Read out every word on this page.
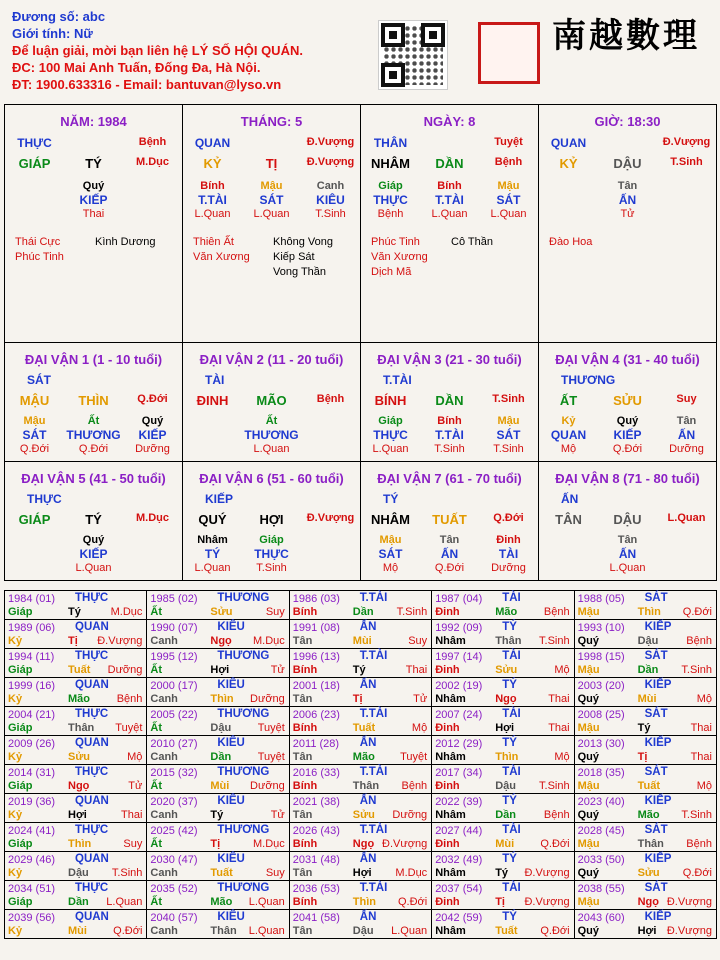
Đương số: abc
Giới tính: Nữ
Để luận giải, mời bạn liên hệ LÝ SỐ HỘI QUÁN.
ĐC: 100 Mai Anh Tuấn, Đống Đa, Hà Nội.
ĐT: 1900.633316 - Email: bantuvan@lyso.vn
南越數理
NĂM: 1984
THỰC	Bệnh
GIÁP	TÝ	M.Dục
Quý
KIẾP
Thai
Thái Cực
Phúc Tinh
Kình Dương
THÁNG: 5
QUAN	Đ.Vượng
KỶ	TỊ	Đ.Vượng
Bính
T.TÀI
L.Quan
Mậu
SÁT
L.Quan
Canh
KIÊU
T.Sinh
Thiên Ất
Văn Xương
Không Vong
Kiếp Sát
Vong Thần
NGÀY: 8
THÂN	Tuyệt
NHÂM	DẦN	Bệnh
Giáp
THỰC
Bệnh
Bính
T.TÀI
L.Quan
Mậu
SÁT
L.Quan
Phúc Tinh
Văn Xương
Dịch Mã
Cô Thần
GIỜ: 18:30
QUAN	Đ.Vượng
KỶ	DẬU	T.Sinh
Tân
ẤN
Tử
Đào Hoa
ĐẠI VẬN 1 (1 - 10 tuổi)
SÁT
MẬU	THÌN	Q.Đới
Mậu
SÁT
Q.Đới
Ất
THƯƠNG
Q.Đới
Quý
KIẾP
Dưỡng
ĐẠI VẬN 2 (11 - 20 tuổi)
TÀI
ĐINH	MÃO	Bệnh
Ất
THƯƠNG
L.Quan
ĐẠI VẬN 3 (21 - 30 tuổi)
T.TÀI
BÍNH	DẦN	T.Sinh
Giáp
THỰC
L.Quan
Bính
T.TÀI
T.Sinh
Mậu
SÁT
T.Sinh
ĐẠI VẬN 4 (31 - 40 tuổi)
THƯƠNG
ẤT	SỬU	Suy
Kỷ
QUAN
Mộ
Quý
KIẾP
Q.Đới
Tân
ẤN
Dưỡng
ĐẠI VẬN 5 (41 - 50 tuổi)
THỰC
GIÁP	TÝ	M.Dục
Quý
KIẾP
L.Quan
ĐẠI VẬN 6 (51 - 60 tuổi)
KIẾP
QUÝ	HỢI	Đ.Vượng
Nhâm
TÝ
L.Quan
Giáp
THỰC
T.Sinh
ĐẠI VẬN 7 (61 - 70 tuổi)
TÝ
NHÂM	TUẤT	Q.Đới
Mậu
SÁT
Mộ
Tân
ẤN
Q.Đới
Đinh
TÀI
Dưỡng
ĐẠI VẬN 8 (71 - 80 tuổi)
ẤN
TÂN	DẬU	L.Quan
Tân
ẤN
L.Quan
1984 (01) THỰC
Giáp	Tý	M.Dục
1985 (02) THƯƠNG
Ất	Sửu	Suy
1986 (03) T.TÀI
Bính	Dần T.Sinh
1987 (04) TÀI
Đinh	Mão Bệnh
1988 (05) SÁT
Mậu	Thìn Q.Đới
1989 (06) QUAN
Kỷ	Tị Đ.Vượng
1990 (07) KIÊU
Canh	Ngọ M.Dục
1991 (08) ẤN
Tân	Mùi	Suy
1992 (09) TÝ
Nhâm	Thân T.Sinh
1993 (10) KIẾP
Quý	Dậu	Bệnh
1994 (11) THỰC
Giáp	Tuất Dưỡng
1995 (12) THƯƠNG
Ất	Hợi	Tử
1996 (13) T.TÀI
Bính	Tý	Thai
1997 (14) TÀI
Đinh	Sửu	Mộ
1998 (15) SÁT
Mậu	Dần T.Sinh
1999 (16) QUAN
Kỷ	Mão Bệnh
2000 (17) KIÊU
Canh	Thìn Dưỡng
2001 (18) ẤN
Tân	Tị	Tử
2002 (19) TÝ
Nhâm	Ngọ	Thai
2003 (20) KIẾP
Quý	Mùi	Mộ
2004 (21) THỰC
Giáp	Thân Tuyệt
2005 (22) THƯƠNG
Ất	Dậu Tuyệt
2006 (23) T.TÀI
Bính	Tuất	Mộ
2007 (24) TÀI
Đinh	Hợi	Thai
2008 (25) SÁT
Mậu	Tý	Thai
2009 (26) QUAN
Kỷ	Sửu	Mộ
2010 (27) KIÊU
Canh	Dần Tuyệt
2011 (28) ẤN
Tân	Mão Tuyệt
2012 (29) TÝ
Nhâm	Thìn	Mộ
2013 (30) KIẾP
Quý	Tị	Thai
2014 (31) THỰC
Giáp	Ngọ	Tử
2015 (32) THƯƠNG
Ất	Mùi Dưỡng
2016 (33) T.TÀI
Bính	Thân Bệnh
2017 (34) TÀI
Đinh	Dậu T.Sinh
2018 (35) SÁT
Mậu	Tuất	Mộ
2019 (36) QUAN
Kỷ	Hợi	Thai
2020 (37) KIÊU
Canh	Tý	Tử
2021 (38) ẤN
Tân	Sửu Dưỡng
2022 (39) TÝ
Nhâm	Dần	Bệnh
2023 (40) KIẾP
Quý	Mão T.Sinh
2024 (41) THỰC
Giáp	Thìn	Suy
2025 (42) THƯƠNG
Ất	Tị	M.Dục
2026 (43) T.TÀI
Bính	Ngọ Đ.Vượng
2027 (44) TÀI
Đinh	Mùi Q.Đới
2028 (45) SÁT
Mậu	Thân Bệnh
2029 (46) QUAN
Kỷ	Dậu T.Sinh
2030 (47) KIÊU
Canh	Tuất	Suy
2031 (48) ẤN
Tân	Hợi M.Dục
2032 (49) TÝ
Nhâm	Tý Đ.Vượng
2033 (50) KIẾP
Quý	Sửu Q.Đới
2034 (51) THỰC
Giáp	Dần L.Quan
2035 (52) THƯƠNG
Ất	Mão L.Quan
2036 (53) T.TÀI
Bính	Thìn Q.Đới
2037 (54) TÀI
Đinh	Tị Đ.Vượng
2038 (55) SÁT
Mậu	Ngọ Đ.Vượng
2039 (56) QUAN
Kỷ	Mùi Q.Đới
2040 (57) KIÊU
Canh	Thân L.Quan
2041 (58) ẤN
Tân	Dậu L.Quan
2042 (59) TÝ
Nhâm	Tuất Q.Đới
2043 (60) KIẾP
Quý	Hợi Đ.Vượng
